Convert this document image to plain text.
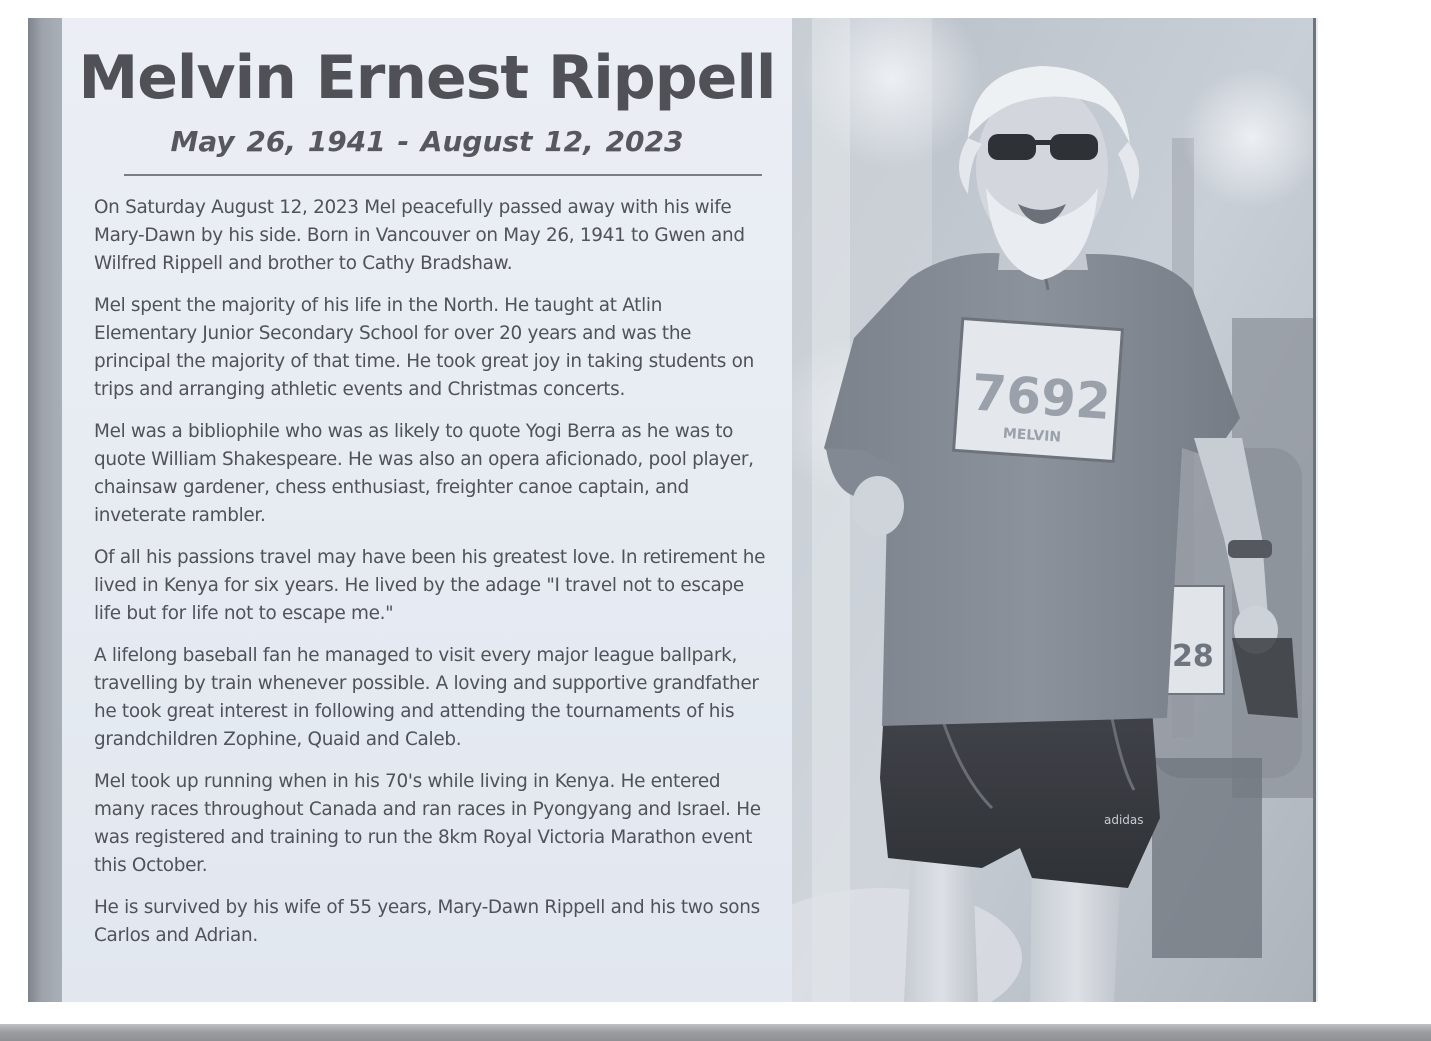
Melvin Ernest Rippell
May 26, 1941 - August 12, 2023

On Saturday August 12, 2023 Mel peacefully passed away with his wife Mary-Dawn by his side. Born in Vancouver on May 26, 1941 to Gwen and Wilfred Rippell and brother to Cathy Bradshaw.

Mel spent the majority of his life in the North. He taught at Atlin Elementary Junior Secondary School for over 20 years and was the principal the majority of that time. He took great joy in taking students on trips and arranging athletic events and Christmas concerts.

Mel was a bibliophile who was as likely to quote Yogi Berra as he was to quote William Shakespeare. He was also an opera aficionado, pool player, chainsaw gardener, chess enthusiast, freighter canoe captain, and inveterate rambler.

Of all his passions travel may have been his greatest love. In retirement he lived in Kenya for six years. He lived by the adage "I travel not to escape life but for life not to escape me."

A lifelong baseball fan he managed to visit every major league ballpark, travelling by train whenever possible. A loving and supportive grandfather he took great interest in following and attending the tournaments of his grandchildren Zophine, Quaid and Caleb.

Mel took up running when in his 70's while living in Kenya. He entered many races throughout Canada and ran races in Pyongyang and Israel. He was registered and training to run the 8km Royal Victoria Marathon event this October.

He is survived by his wife of 55 years, Mary-Dawn Rippell and his two sons Carlos and Adrian.

28
adidas
7692
MELVIN
